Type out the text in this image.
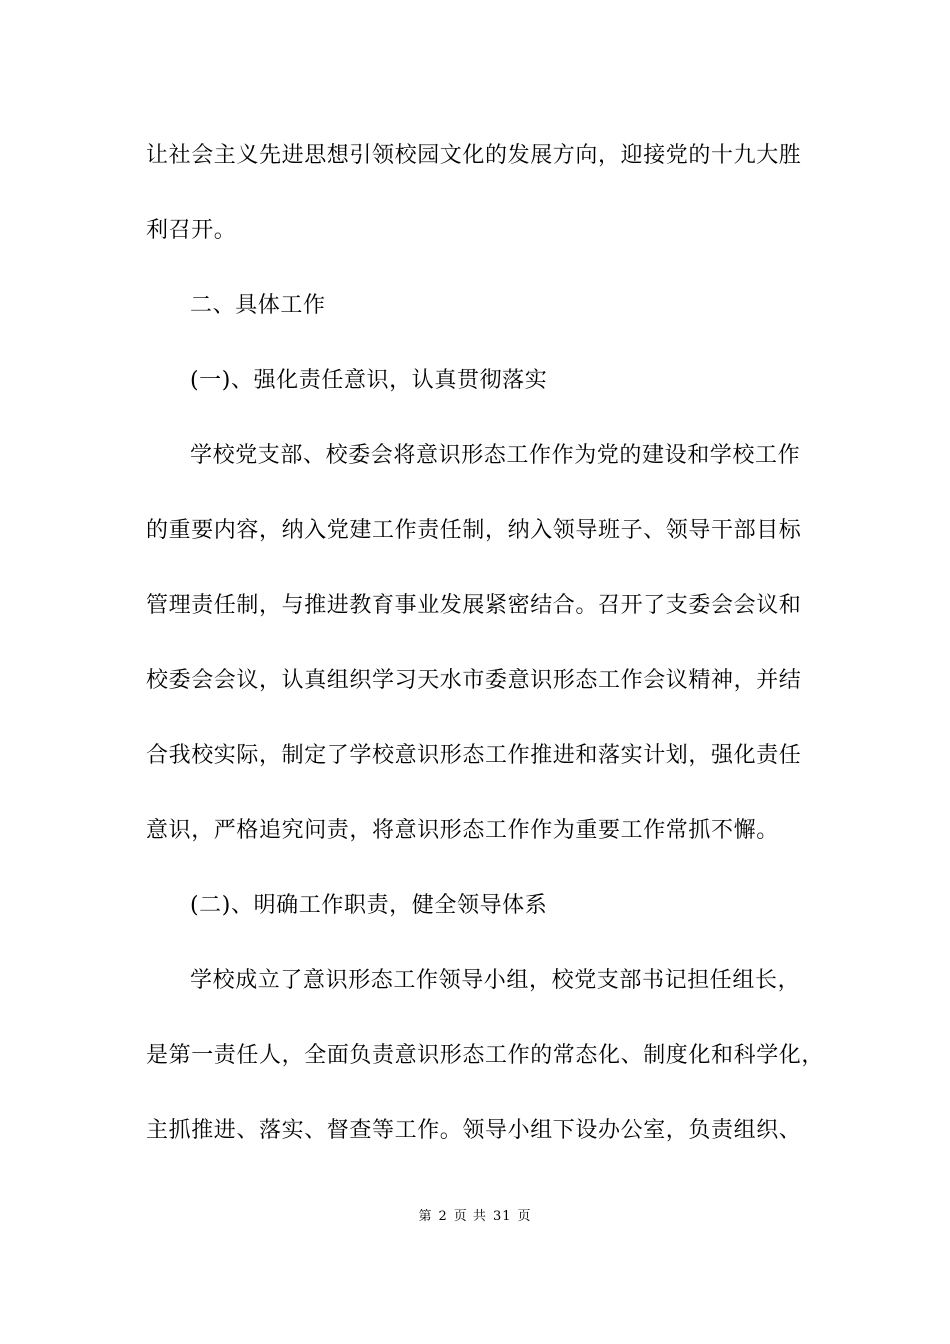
让社会主义先进思想引领校园文化的发展方向，迎接党的十九大胜
利召开。
二、具体工作
(一)、强化责任意识，认真贯彻落实
学校党支部、校委会将意识形态工作作为党的建设和学校工作
的重要内容，纳入党建工作责任制，纳入领导班子、领导干部目标
管理责任制，与推进教育事业发展紧密结合。召开了支委会会议和
校委会会议，认真组织学习天水市委意识形态工作会议精神，并结
合我校实际，制定了学校意识形态工作推进和落实计划，强化责任
意识，严格追究问责，将意识形态工作作为重要工作常抓不懈。
(二)、明确工作职责，健全领导体系
学校成立了意识形态工作领导小组，校党支部书记担任组长，
是第一责任人，全面负责意识形态工作的常态化、制度化和科学化，
主抓推进、落实、督查等工作。领导小组下设办公室，负责组织、
第 2 页 共 31 页
